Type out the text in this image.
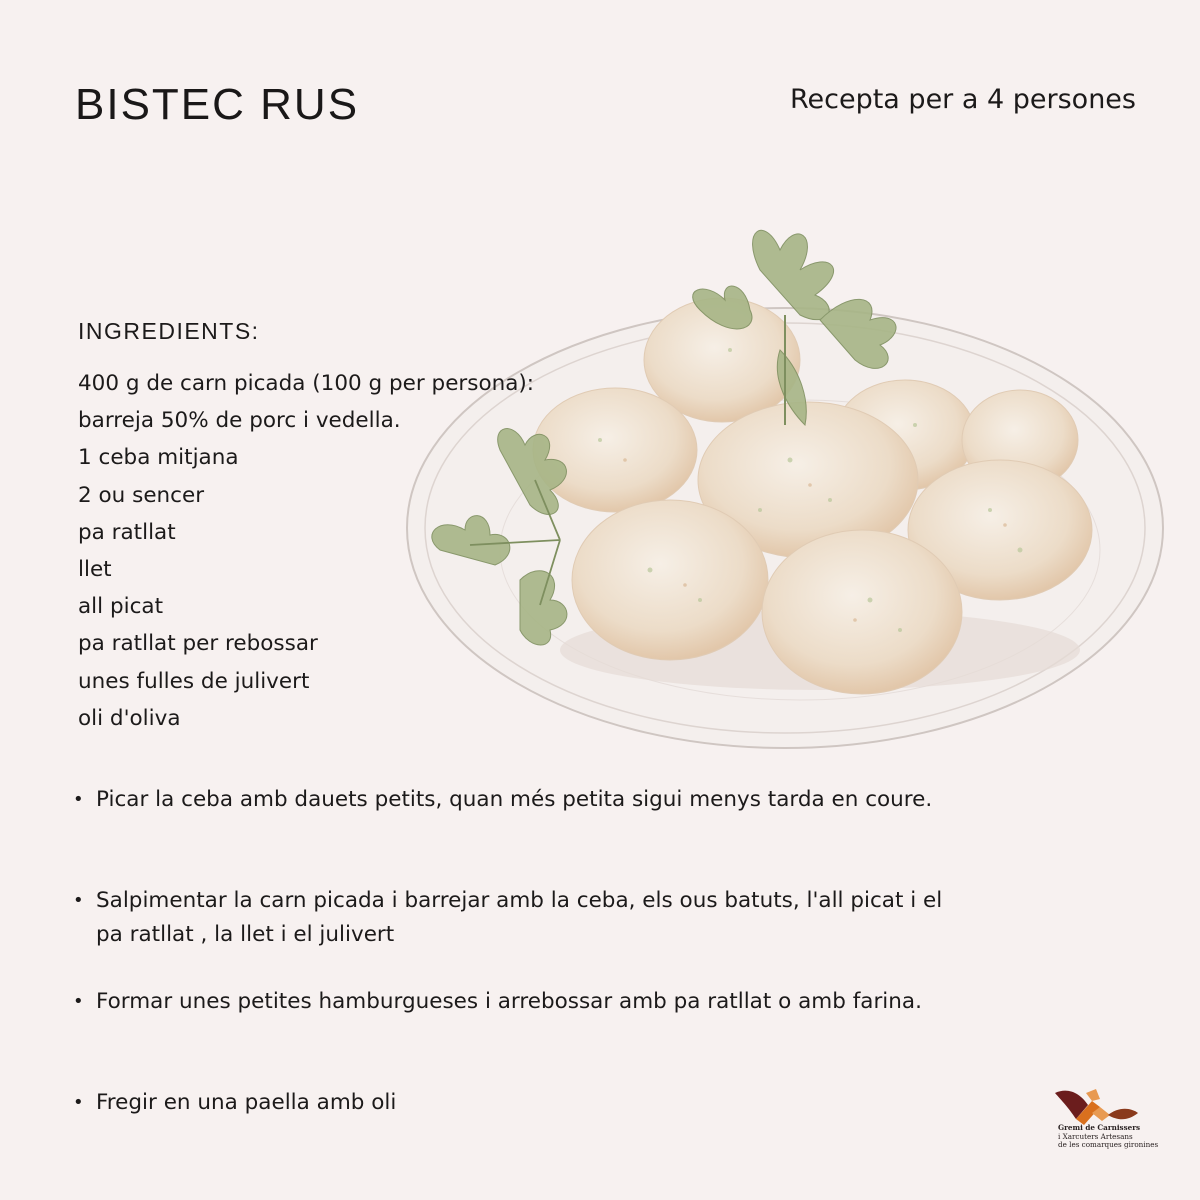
BISTEC RUS	Recepta per a 4 persones
INGREDIENTS:
400 g de carn picada (100 g per persona):
barreja 50% de porc i vedella.
1 ceba mitjana
2 ou sencer
pa ratllat
llet
all picat
pa ratllat per rebossar
unes fulles de julivert
oli d'oliva
• Picar la ceba amb dauets petits, quan més petita sigui menys tarda en coure.
• Salpimentar la carn picada i barrejar amb la ceba, els ous batuts, l'all picat i el pa ratllat , la llet i el julivert
• Formar unes petites hamburgueses i arrebossar amb pa ratllat o amb farina.
• Fregir en una paella amb oli
Gremi de Carnissers
i Xarcuters Artesans
de les comarques gironines
